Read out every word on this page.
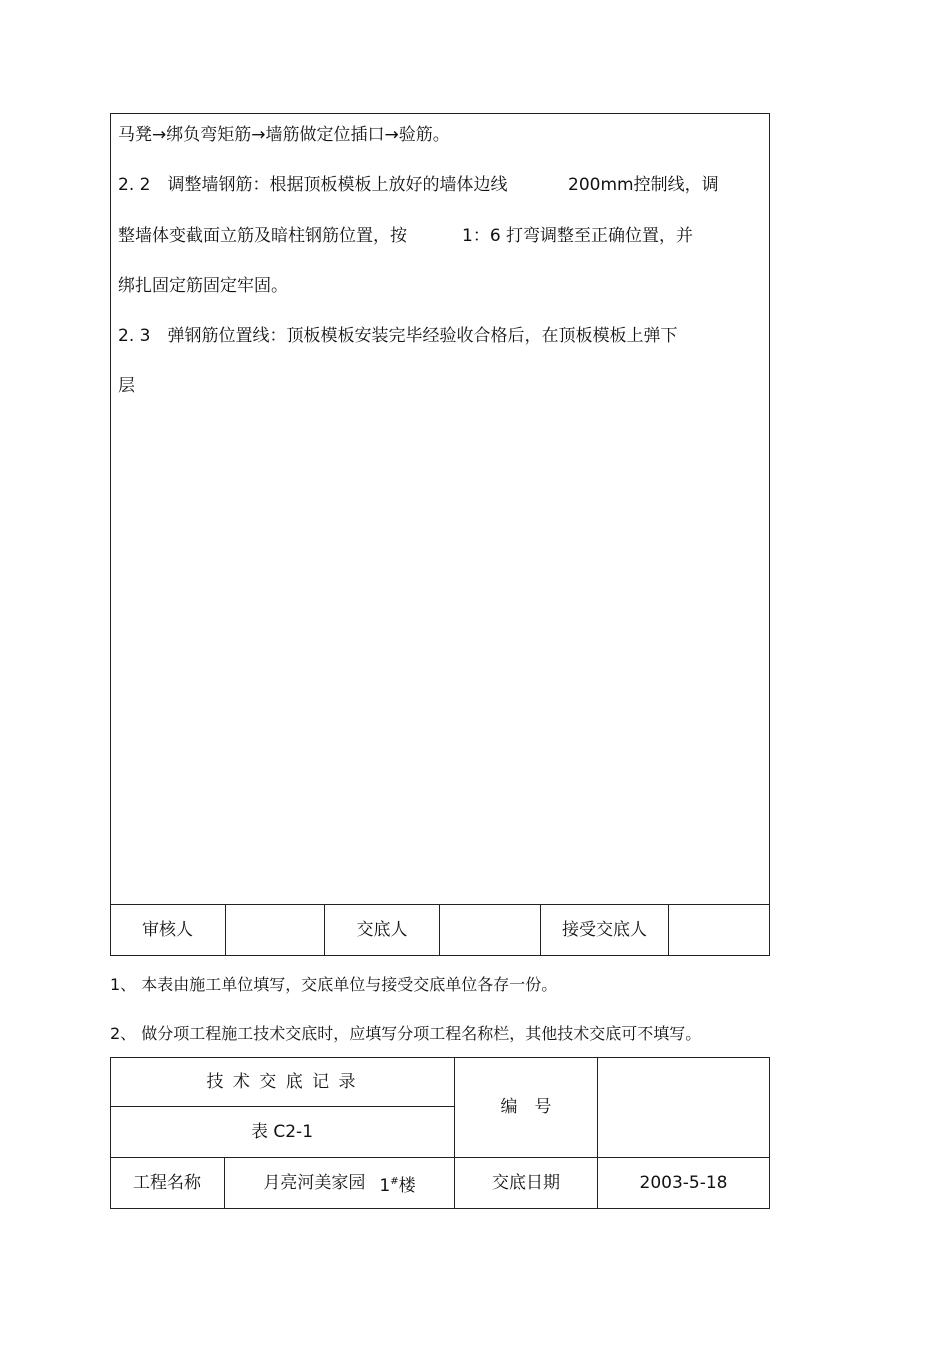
马凳→绑负弯矩筋→墙筋做定位插口→验筋。
2. 2　调整墙钢筋：根据顶板模板上放好的墙体边线	200mm控制线，调
整墙体变截面立筋及暗柱钢筋位置，按	1：6 打弯调整至正确位置，并
绑扎固定筋固定牢固。
2. 3　弹钢筋位置线：顶板模板安装完毕经验收合格后，在顶板模板上弹下
层
审核人	交底人	接受交底人
1、 本表由施工单位填写，交底单位与接受交底单位各存一份。
2、 做分项工程施工技术交底时，应填写分项工程名称栏，其他技术交底可不填写。
技 术 交 底 记 录
表 C2-1
编　号
工程名称	月亮河美家园 1#楼	交底日期	2003-5-18
